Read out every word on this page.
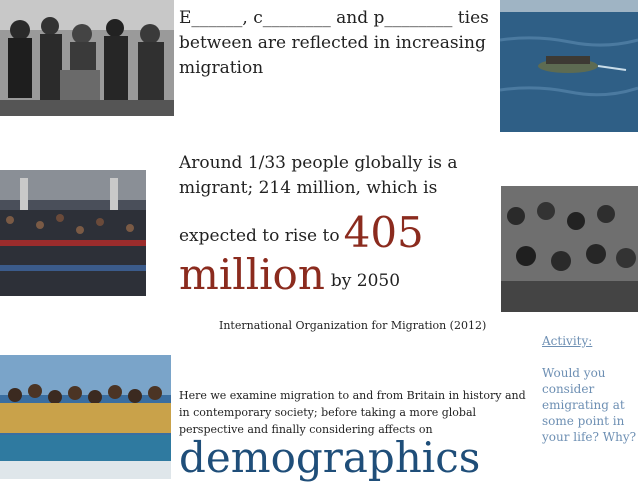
E______, c________ and p________ ties between are reflected in increasing migration

Around 1/33 people globally is a migrant; 214 million, which is

expected to rise to405

million by 2050

International Organization for Migration (2012)

Activity:
Would you consider emigrating at some point in your life? Why?

Here we examine migration to and from Britain in history and in contemporary society; before taking a more global perspective and finally considering affects on

demographics
